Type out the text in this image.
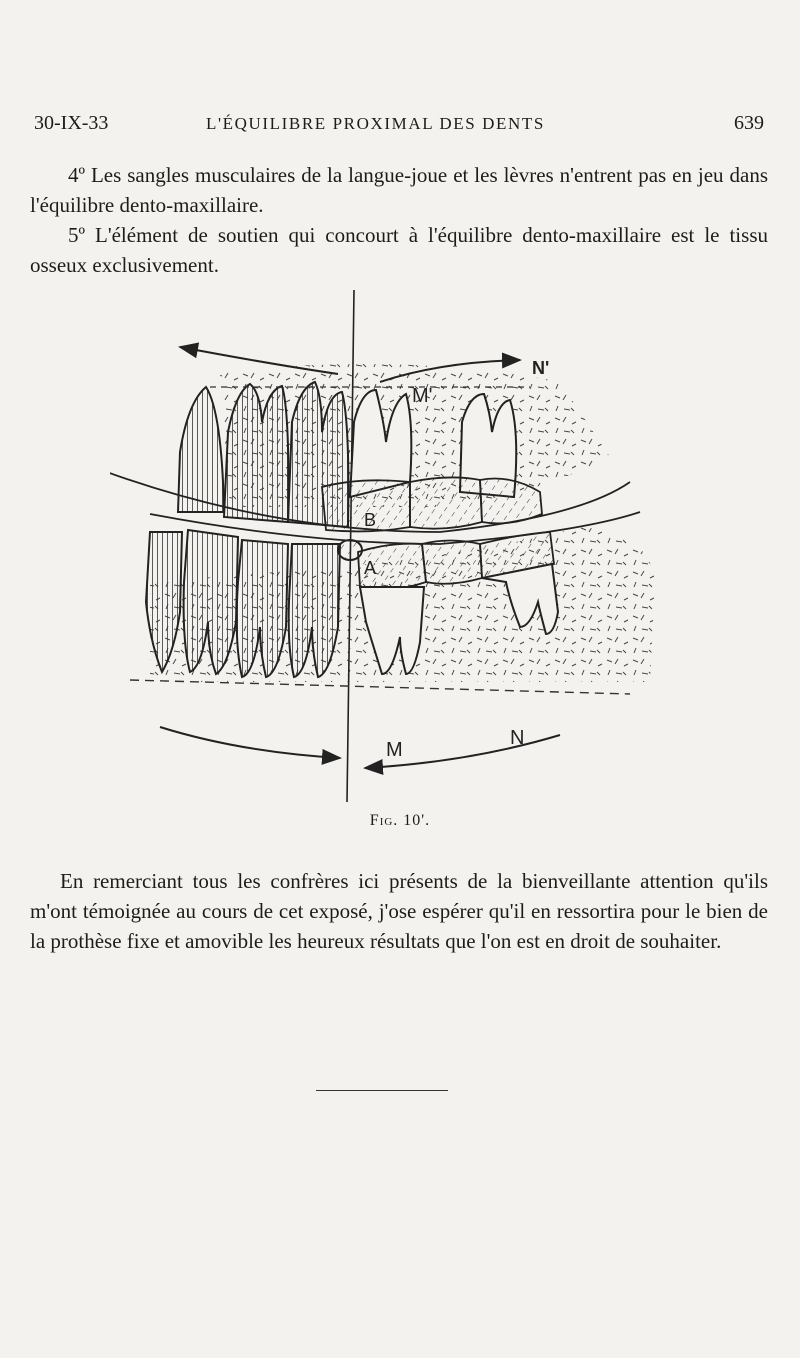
30-IX-33	L'ÉQUILIBRE PROXIMAL DES DENTS	639

4º Les sangles musculaires de la langue-joue et les lèvres n'entrent pas en jeu dans l'équilibre dento-maxillaire.

5º L'élément de soutien qui concourt à l'équilibre dento-maxillaire est le tissu osseux exclusivement.

M'
N'
B
A
M
N
Fig. 10'.

En remerciant tous les confrères ici présents de la bienveillante attention qu'ils m'ont témoignée au cours de cet exposé, j'ose espérer qu'il en ressortira pour le bien de la prothèse fixe et amovible les heureux résultats que l'on est en droit de souhaiter.
